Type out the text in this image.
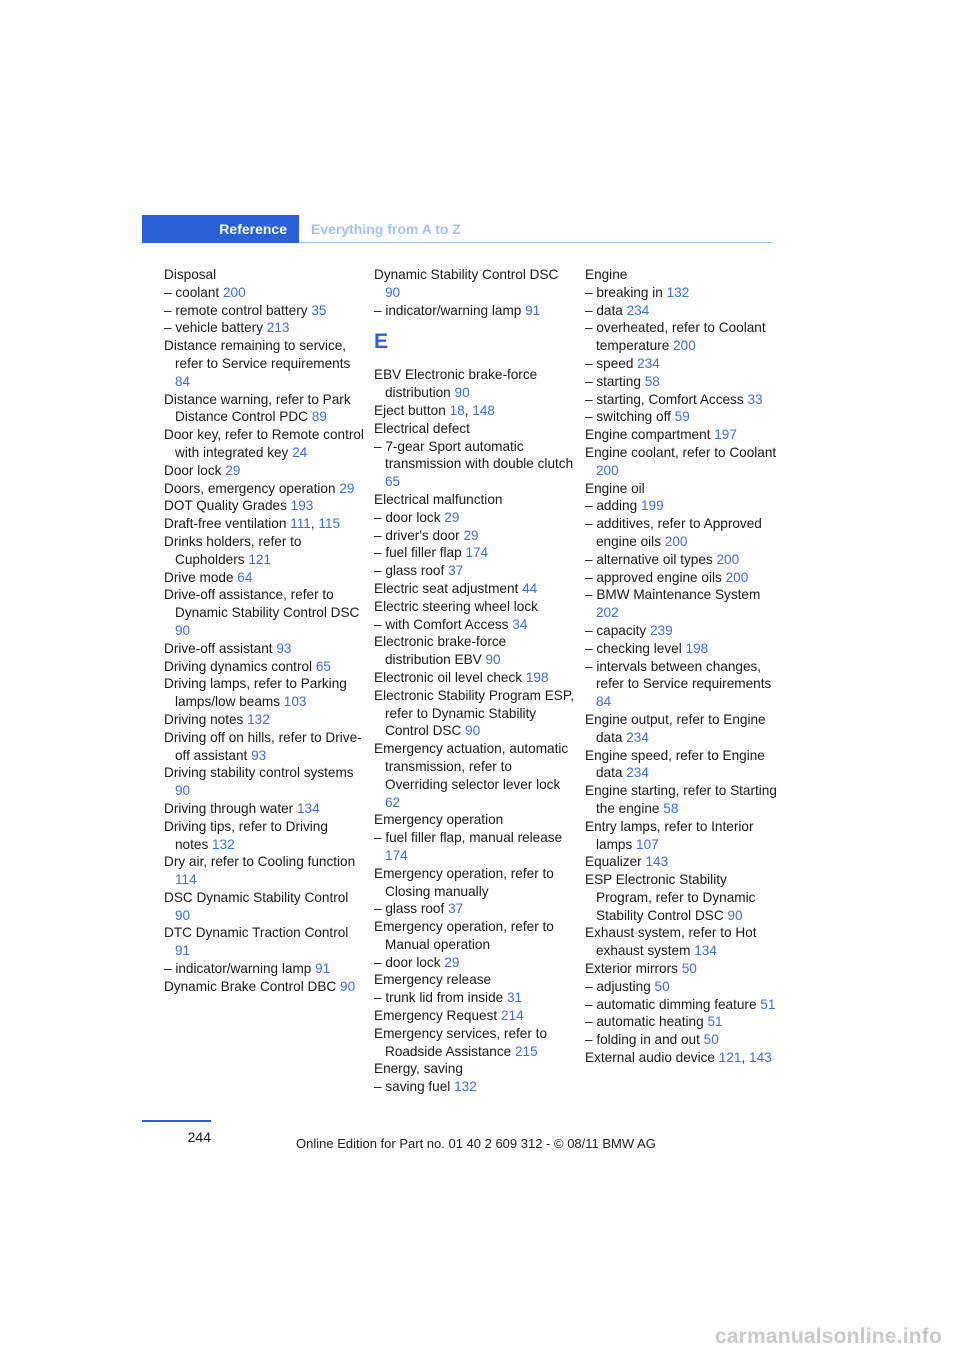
Reference	Everything from A to Z
Disposal
– coolant 200
– remote control battery 35
– vehicle battery 213
Distance remaining to service, refer to Service requirements 84
Distance warning, refer to Park Distance Control PDC 89
Door key, refer to Remote control with integrated key 24
Door lock 29
Doors, emergency operation 29
DOT Quality Grades 193
Draft-free ventilation 111, 115
Drinks holders, refer to Cupholders 121
Drive mode 64
Drive-off assistance, refer to Dynamic Stability Control DSC 90
Drive-off assistant 93
Driving dynamics control 65
Driving lamps, refer to Parking lamps/low beams 103
Driving notes 132
Driving off on hills, refer to Drive-off assistant 93
Driving stability control systems 90
Driving through water 134
Driving tips, refer to Driving notes 132
Dry air, refer to Cooling function 114
DSC Dynamic Stability Control 90
DTC Dynamic Traction Control 91
– indicator/warning lamp 91
Dynamic Brake Control DBC 90
Dynamic Stability Control DSC 90
– indicator/warning lamp 91
E
EBV Electronic brake-force distribution 90
Eject button 18, 148
Electrical defect
– 7-gear Sport automatic transmission with double clutch 65
Electrical malfunction
– door lock 29
– driver's door 29
– fuel filler flap 174
– glass roof 37
Electric seat adjustment 44
Electric steering wheel lock
– with Comfort Access 34
Electronic brake-force distribution EBV 90
Electronic oil level check 198
Electronic Stability Program ESP, refer to Dynamic Stability Control DSC 90
Emergency actuation, automatic transmission, refer to Overriding selector lever lock 62
Emergency operation
– fuel filler flap, manual release 174
Emergency operation, refer to Closing manually
– glass roof 37
Emergency operation, refer to Manual operation
– door lock 29
Emergency release
– trunk lid from inside 31
Emergency Request 214
Emergency services, refer to Roadside Assistance 215
Energy, saving
– saving fuel 132
Engine
– breaking in 132
– data 234
– overheated, refer to Coolant temperature 200
– speed 234
– starting 58
– starting, Comfort Access 33
– switching off 59
Engine compartment 197
Engine coolant, refer to Coolant 200
Engine oil
– adding 199
– additives, refer to Approved engine oils 200
– alternative oil types 200
– approved engine oils 200
– BMW Maintenance System 202
– capacity 239
– checking level 198
– intervals between changes, refer to Service requirements 84
Engine output, refer to Engine data 234
Engine speed, refer to Engine data 234
Engine starting, refer to Starting the engine 58
Entry lamps, refer to Interior lamps 107
Equalizer 143
ESP Electronic Stability Program, refer to Dynamic Stability Control DSC 90
Exhaust system, refer to Hot exhaust system 134
Exterior mirrors 50
– adjusting 50
– automatic dimming feature 51
– automatic heating 51
– folding in and out 50
External audio device 121, 143
244	Online Edition for Part no. 01 40 2 609 312 - © 08/11 BMW AG
carmanualsonline.info
